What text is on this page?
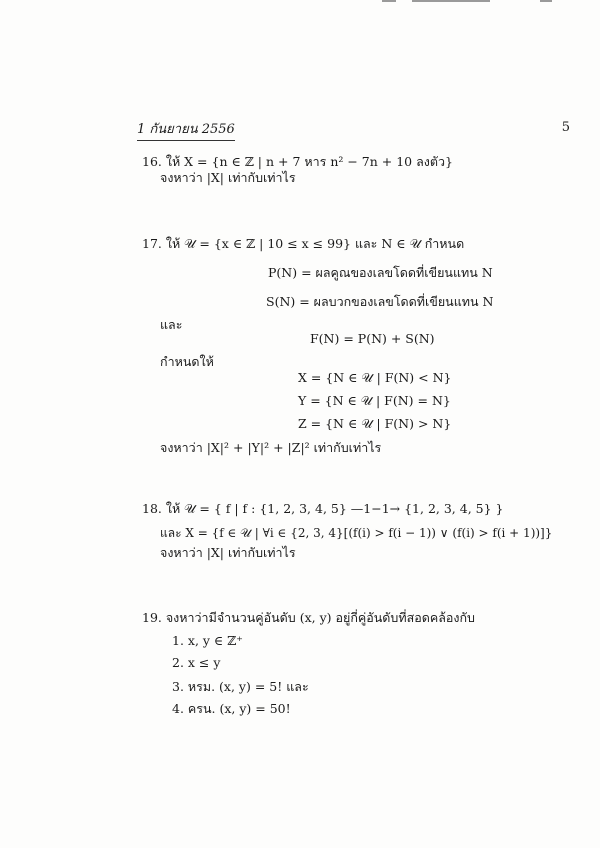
1 กันยายน 2556	5
16. ให้ X = {n ∈ ℤ | n + 7 หาร n² − 7n + 10 ลงตัว}
จงหาว่า |X| เท่ากับเท่าไร
17. ให้ 𝒰 = {x ∈ ℤ | 10 ≤ x ≤ 99} และ N ∈ 𝒰 กำหนด
P(N) = ผลคูณของเลขโดดที่เขียนแทน N
S(N) = ผลบวกของเลขโดดที่เขียนแทน N
และ
F(N) = P(N) + S(N)
กำหนดให้
X = {N ∈ 𝒰 | F(N) < N}
Y = {N ∈ 𝒰 | F(N) = N}
Z = {N ∈ 𝒰 | F(N) > N}
จงหาว่า |X|² + |Y|² + |Z|² เท่ากับเท่าไร
18. ให้ 𝒰 = { f | f : {1, 2, 3, 4, 5} —1−1→ {1, 2, 3, 4, 5} }
และ X = {f ∈ 𝒰 | ∀i ∈ {2, 3, 4}[(f(i) > f(i − 1)) ∨ (f(i) > f(i + 1))]}
จงหาว่า |X| เท่ากับเท่าไร
19. จงหาว่ามีจำนวนคู่อันดับ (x, y) อยู่กี่คู่อันดับที่สอดคล้องกับ
1. x, y ∈ ℤ⁺
2. x ≤ y
3. หรม. (x, y) = 5! และ
4. ครน. (x, y) = 50!
